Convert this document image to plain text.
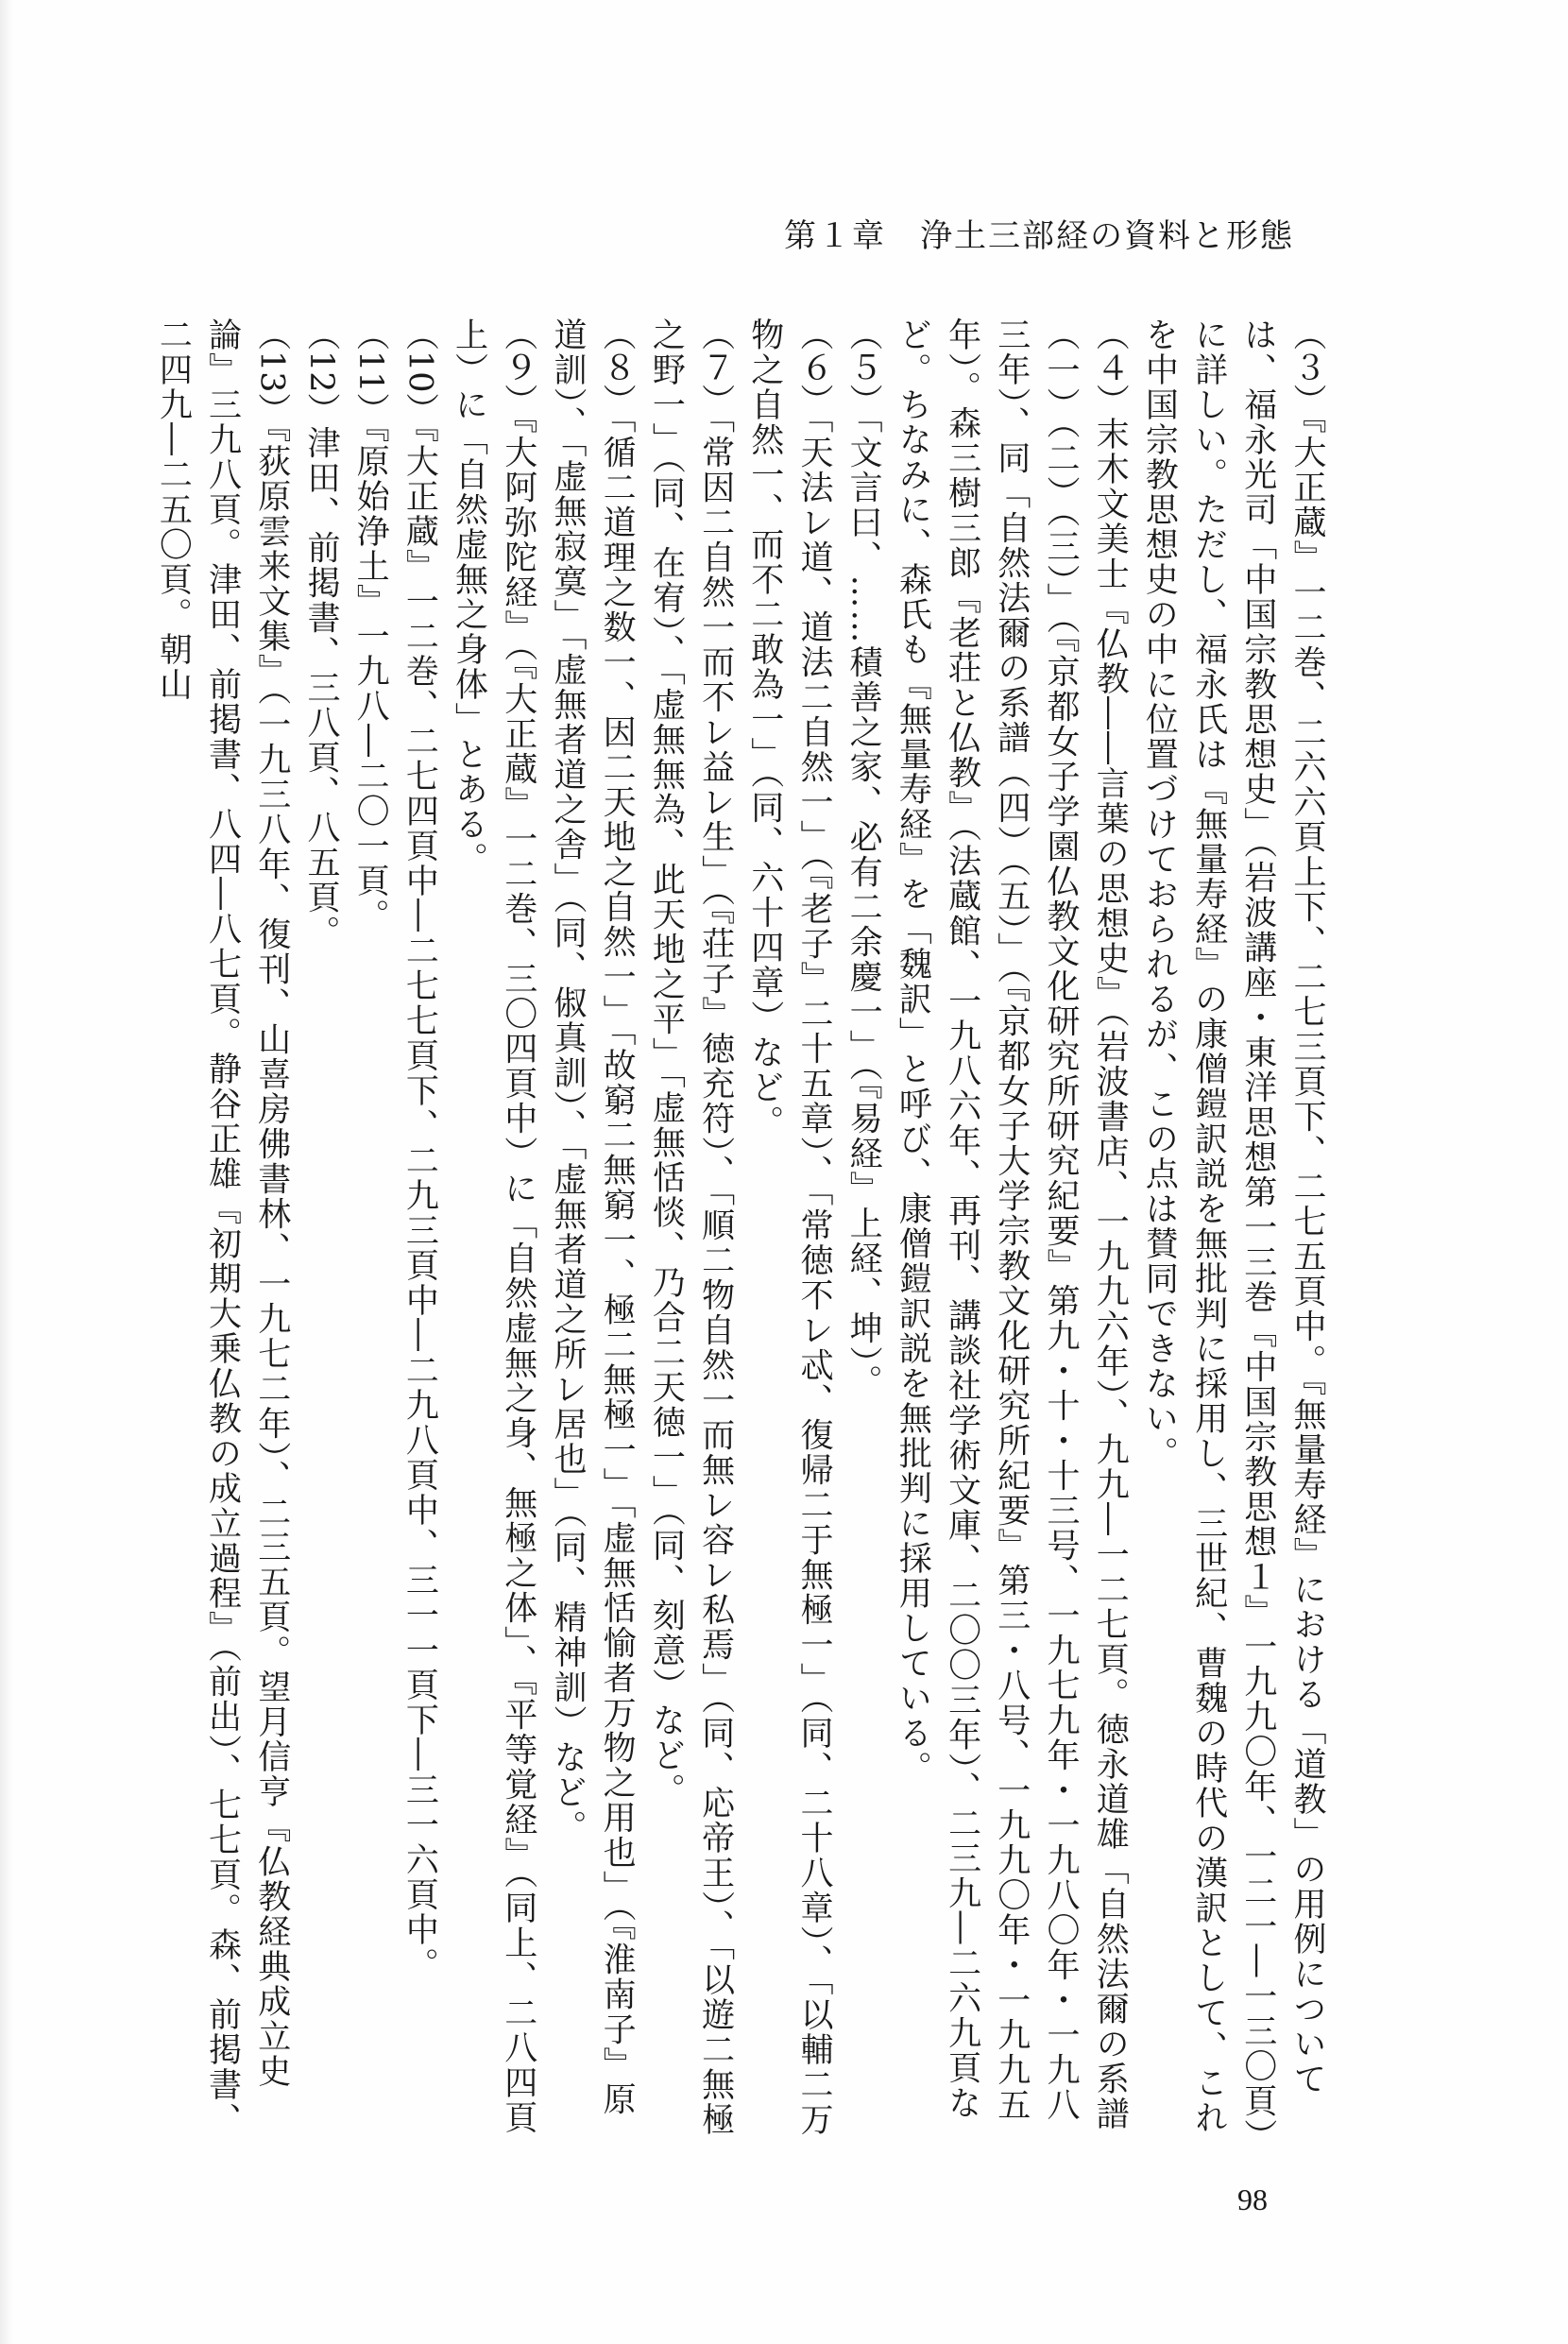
第１章　浄土三部経の資料と形態

（３）『大正蔵』一二巻、二六六頁上下、二七三頁下、二七五頁中。『無量寿経』における「道教」の用例については、福永光司「中国宗教思想史」（岩波講座・東洋思想第一三巻『中国宗教思想１』一九九〇年、一二一―一三〇頁）に詳しい。ただし、福永氏は『無量寿経』の康僧鎧訳説を無批判に採用し、三世紀、曹魏の時代の漢訳として、これを中国宗教思想史の中に位置づけておられるが、この点は賛同できない。

（４）末木文美士『仏教――言葉の思想史』（岩波書店、一九九六年）、九九―一二七頁。徳永道雄「自然法爾の系譜（一）（二）（三）」（『京都女子学園仏教文化研究所研究紀要』第九・十・十三号、一九七九年・一九八〇年・一九八三年）、同「自然法爾の系譜（四）（五）」（『京都女子大学宗教文化研究所紀要』第三・八号、一九九〇年・一九九五年）。森三樹三郎『老荘と仏教』（法蔵館、一九八六年、再刊、講談社学術文庫、二〇〇三年）、二三九―二六九頁など。ちなみに、森氏も『無量寿経』を「魏訳」と呼び、康僧鎧訳説を無批判に採用している。

（５）「文言曰、……積善之家、必有二余慶一」（『易経』上経、坤）。

（６）「天法レ道、道法二自然一」（『老子』二十五章）、「常徳不レ忒、復帰二于無極一」（同、二十八章）、「以輔二万物之自然一、而不二敢為一」（同、六十四章）など。

（７）「常因二自然一而不レ益レ生」（『荘子』徳充符）、「順二物自然一而無レ容レ私焉」（同、応帝王）、「以遊二無極之野一」（同、在宥）、「虚無無為、此天地之平」「虚無恬惔、乃合二天徳一」（同、刻意）など。

（８）「循二道理之数一、因二天地之自然一」「故窮二無窮一、極二無極一」「虚無恬愉者万物之用也」（『淮南子』原道訓）、「虚無寂寞」「虚無者道之舎」（同、俶真訓）、「虚無者道之所レ居也」（同、精神訓）など。

（９）『大阿弥陀経』（『大正蔵』一二巻、三〇四頁中）に「自然虚無之身、無極之体」、『平等覚経』（同上、二八四頁上）に「自然虚無之身体」とある。

（10）『大正蔵』一二巻、二七四頁中―二七七頁下、二九三頁中―二九八頁中、三一一頁下―三一六頁中。

（11）『原始浄土』一九八―二〇一頁。

（12）津田、前掲書、三八頁、八五頁。

（13）『荻原雲来文集』（一九三八年、復刊、山喜房佛書林、一九七二年）、二三五頁。望月信亨『仏教経典成立史論』三九八頁。津田、前掲書、八四―八七頁。静谷正雄『初期大乗仏教の成立過程』（前出）、七七頁。森、前掲書、二四九―二五〇頁。朝山

98
